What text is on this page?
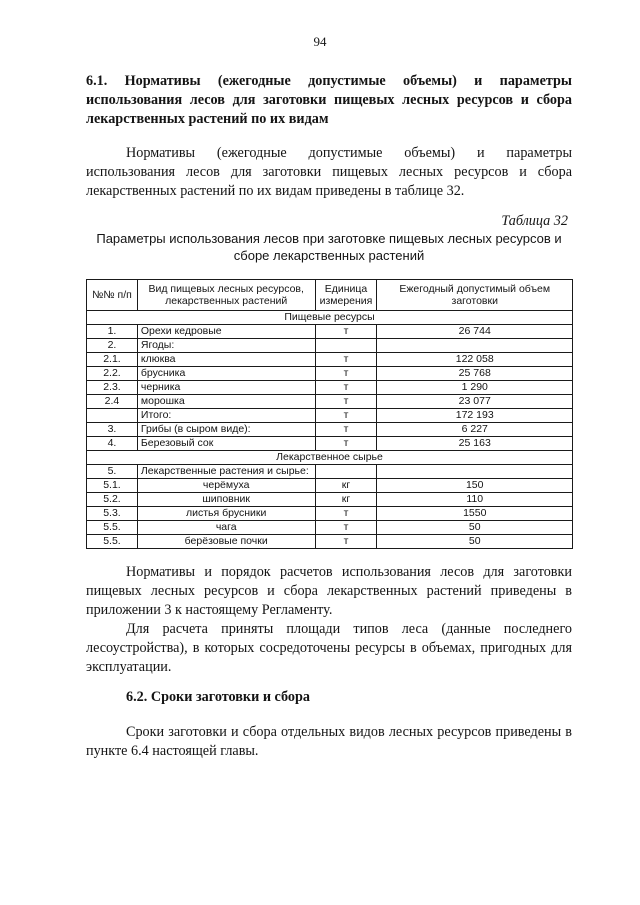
94
6.1. Нормативы (ежегодные допустимые объемы) и параметры использования лесов для заготовки пищевых лесных ресурсов и сбора лекарственных растений по их видам
Нормативы (ежегодные допустимые объемы) и параметры использования лесов для заготовки пищевых лесных ресурсов и сбора лекарственных растений по их видам приведены в таблице 32.
Таблица 32
Параметры использования лесов при заготовке пищевых лесных ресурсов и сборе лекарственных растений
№№ п/п	Вид пищевых лесных ресурсов, лекарственных растений	Единица измерения	Ежегодный допустимый объем заготовки
Пищевые ресурсы			
1.	Орехи кедровые	т	26 744
2.	Ягоды:		
2.1.	клюква	т	122 058
2.2.	брусника	т	25 768
2.3.	черника	т	1 290
2.4	морошка	т	23 077
	Итого:	т	172 193
3.	Грибы (в сыром виде):	т	6 227
4.	Березовый сок	т	25 163
Лекарственное сырье			
5.	Лекарственные растения и сырье:		
5.1.	черёмуха	кг	150
5.2.	шиповник	кг	110
5.3.	листья брусники	т	1550
5.5.	чага	т	50
5.5.	берёзовые почки	т	50
Нормативы и порядок расчетов использования лесов для заготовки пищевых лесных ресурсов и сбора лекарственных растений приведены в приложении 3 к настоящему Регламенту.
Для расчета приняты площади типов леса (данные последнего лесоустройства), в которых сосредоточены ресурсы в объемах, пригодных для эксплуатации.
6.2. Сроки заготовки и сбора
Сроки заготовки и сбора отдельных видов лесных ресурсов приведены в пункте 6.4 настоящей главы.
